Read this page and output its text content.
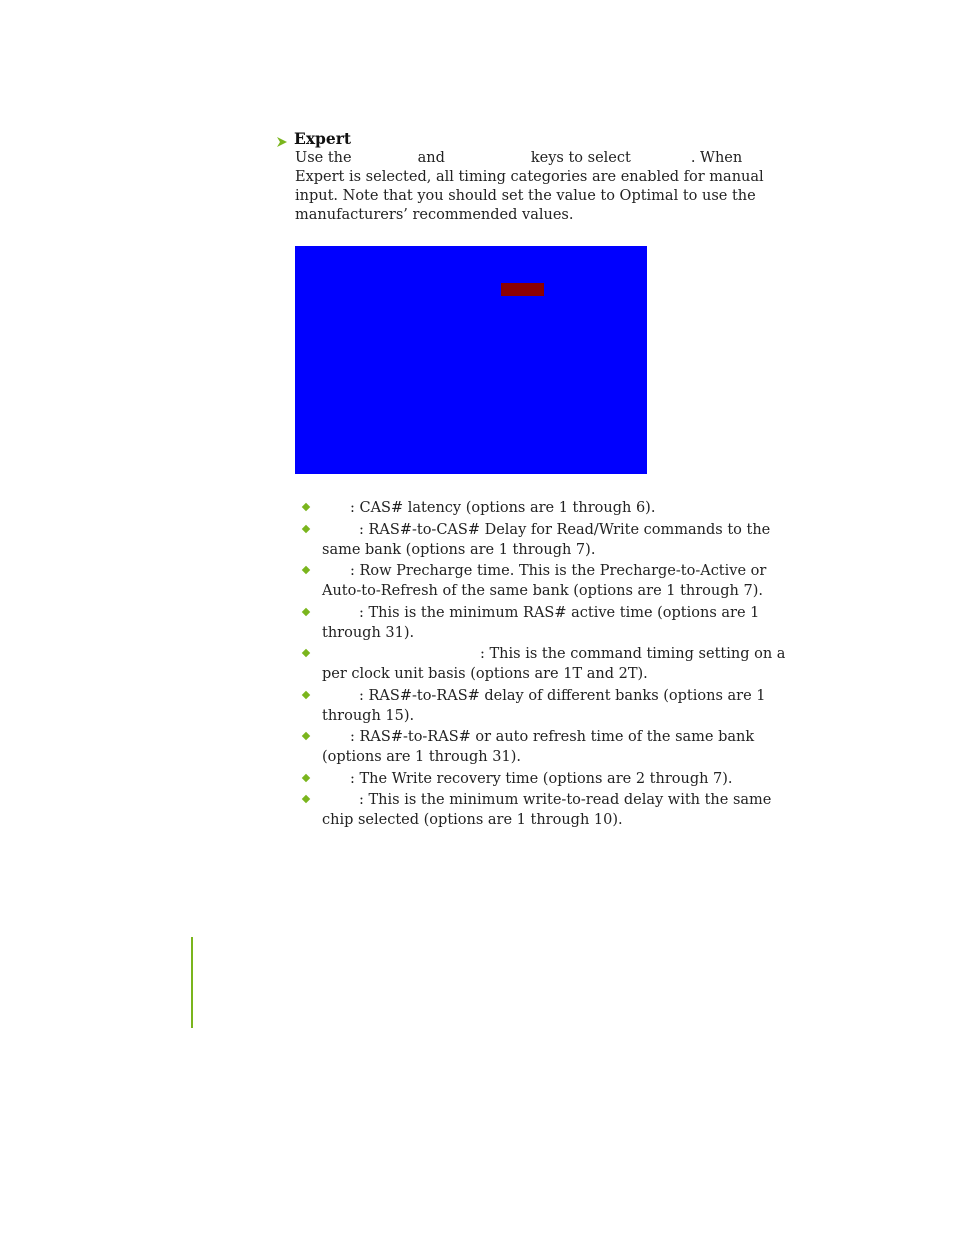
Expert
Use the	and	keys to select	. When Expert is selected, all timing categories are enabled for manual input. Note that you should set the value to Optimal to use the manufacturers’ recommended values.
: CAS# latency (options are 1 through 6).
: RAS#-to-CAS# Delay for Read/Write commands to the same bank (options are 1 through 7).
: Row Precharge time. This is the Precharge-to-Active or Auto-to-Refresh of the same bank (options are 1 through 7).
: This is the minimum RAS# active time (options are 1 through 31).
: This is the command timing setting on a per clock unit basis (options are 1T and 2T).
: RAS#-to-RAS# delay of different banks (options are 1 through 15).
: RAS#-to-RAS# or auto refresh time of the same bank (options are 1 through 31).
: The Write recovery time (options are 2 through 7).
: This is the minimum write-to-read delay with the same chip selected (options are 1 through 10).
